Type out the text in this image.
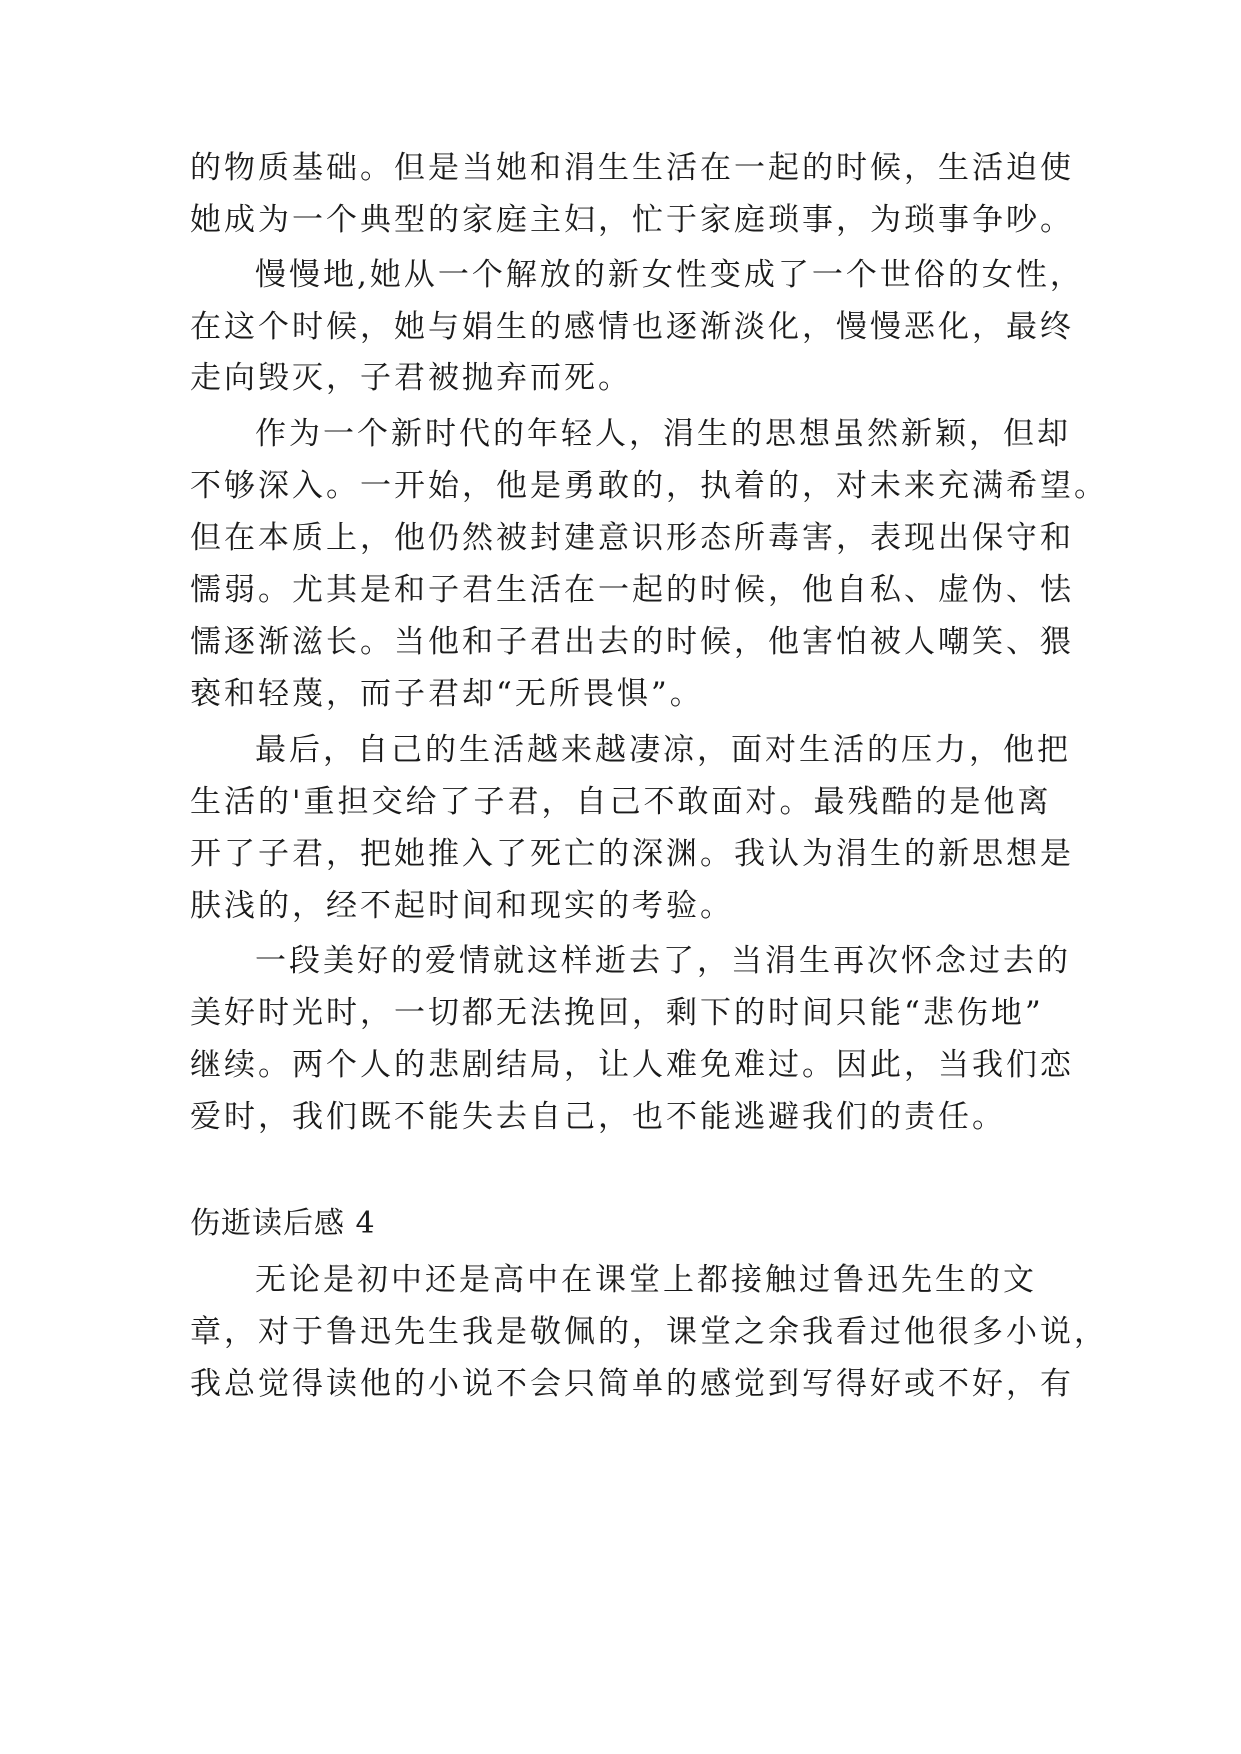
的物质基础。但是当她和涓生生活在一起的时候，生活迫使
她成为一个典型的家庭主妇，忙于家庭琐事，为琐事争吵。
慢慢地,她从一个解放的新女性变成了一个世俗的女性，
在这个时候，她与娟生的感情也逐渐淡化，慢慢恶化，最终
走向毁灭，子君被抛弃而死。
作为一个新时代的年轻人，涓生的思想虽然新颖，但却
不够深入。一开始，他是勇敢的，执着的，对未来充满希望。
但在本质上，他仍然被封建意识形态所毒害，表现出保守和
懦弱。尤其是和子君生活在一起的时候，他自私、虚伪、怯
懦逐渐滋长。当他和子君出去的时候，他害怕被人嘲笑、猥
亵和轻蔑，而子君却“无所畏惧”。
最后，自己的生活越来越凄凉，面对生活的压力，他把
生活的'重担交给了子君，自己不敢面对。最残酷的是他离
开了子君，把她推入了死亡的深渊。我认为涓生的新思想是
肤浅的，经不起时间和现实的考验。
一段美好的爱情就这样逝去了，当涓生再次怀念过去的
美好时光时，一切都无法挽回，剩下的时间只能“悲伤地”
继续。两个人的悲剧结局，让人难免难过。因此，当我们恋
爱时，我们既不能失去自己，也不能逃避我们的责任。
伤逝读后感 4
无论是初中还是高中在课堂上都接触过鲁迅先生的文
章，对于鲁迅先生我是敬佩的，课堂之余我看过他很多小说，
我总觉得读他的小说不会只简单的感觉到写得好或不好，有
